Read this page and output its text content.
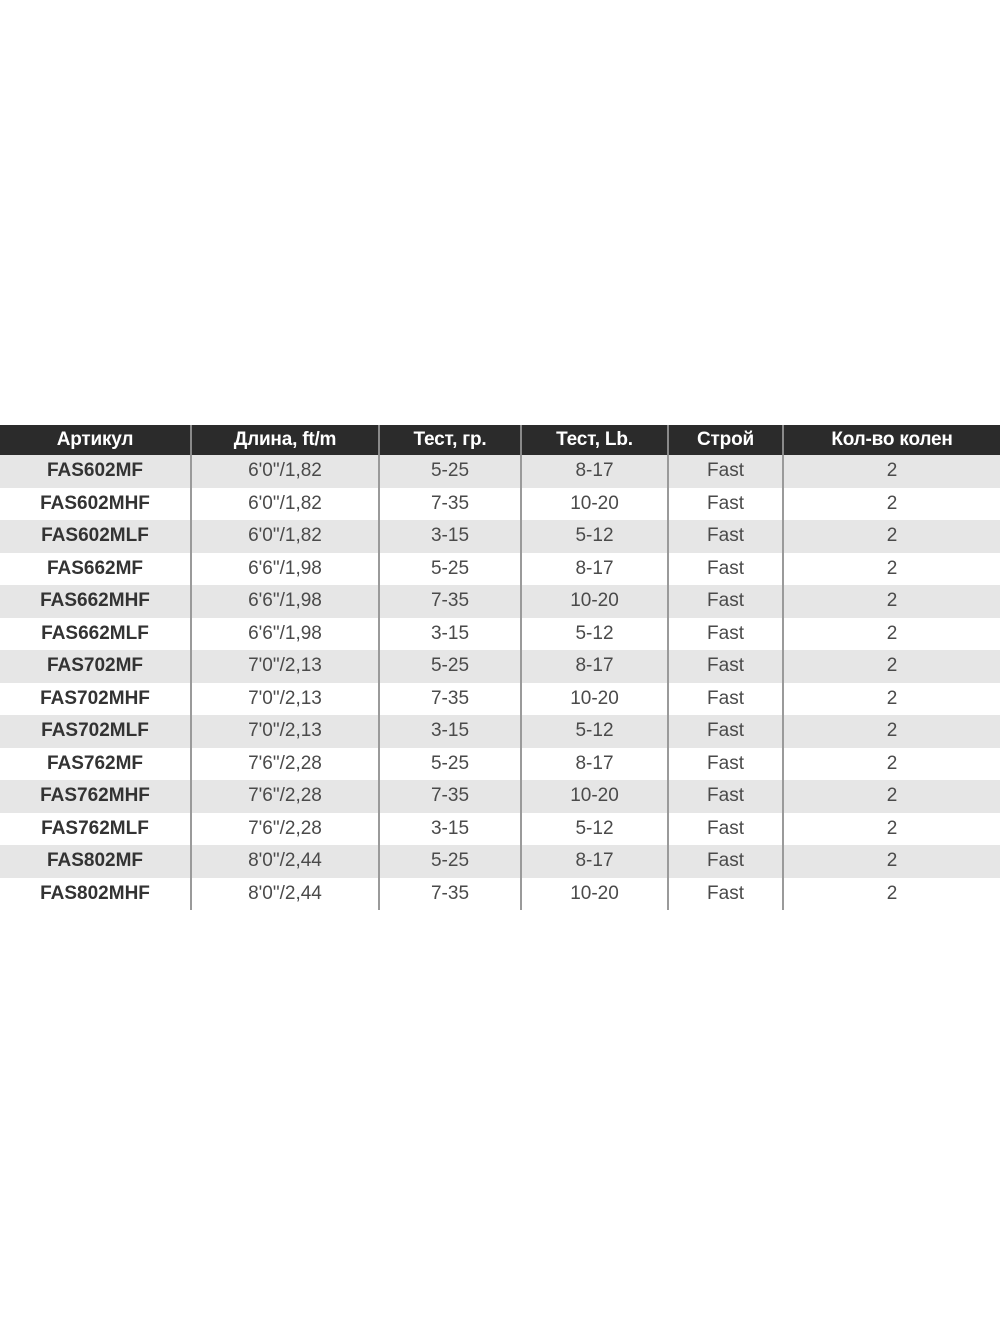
Артикул	Длина, ft/m	Тест, гр.	Тест, Lb.	Строй	Кол-во колен
FAS602MF	6'0"/1,82	5-25	8-17	Fast	2
FAS602MHF	6'0"/1,82	7-35	10-20	Fast	2
FAS602MLF	6'0"/1,82	3-15	5-12	Fast	2
FAS662MF	6'6"/1,98	5-25	8-17	Fast	2
FAS662MHF	6'6"/1,98	7-35	10-20	Fast	2
FAS662MLF	6'6"/1,98	3-15	5-12	Fast	2
FAS702MF	7'0"/2,13	5-25	8-17	Fast	2
FAS702MHF	7'0"/2,13	7-35	10-20	Fast	2
FAS702MLF	7'0"/2,13	3-15	5-12	Fast	2
FAS762MF	7'6"/2,28	5-25	8-17	Fast	2
FAS762MHF	7'6"/2,28	7-35	10-20	Fast	2
FAS762MLF	7'6"/2,28	3-15	5-12	Fast	2
FAS802MF	8'0"/2,44	5-25	8-17	Fast	2
FAS802MHF	8'0"/2,44	7-35	10-20	Fast	2
